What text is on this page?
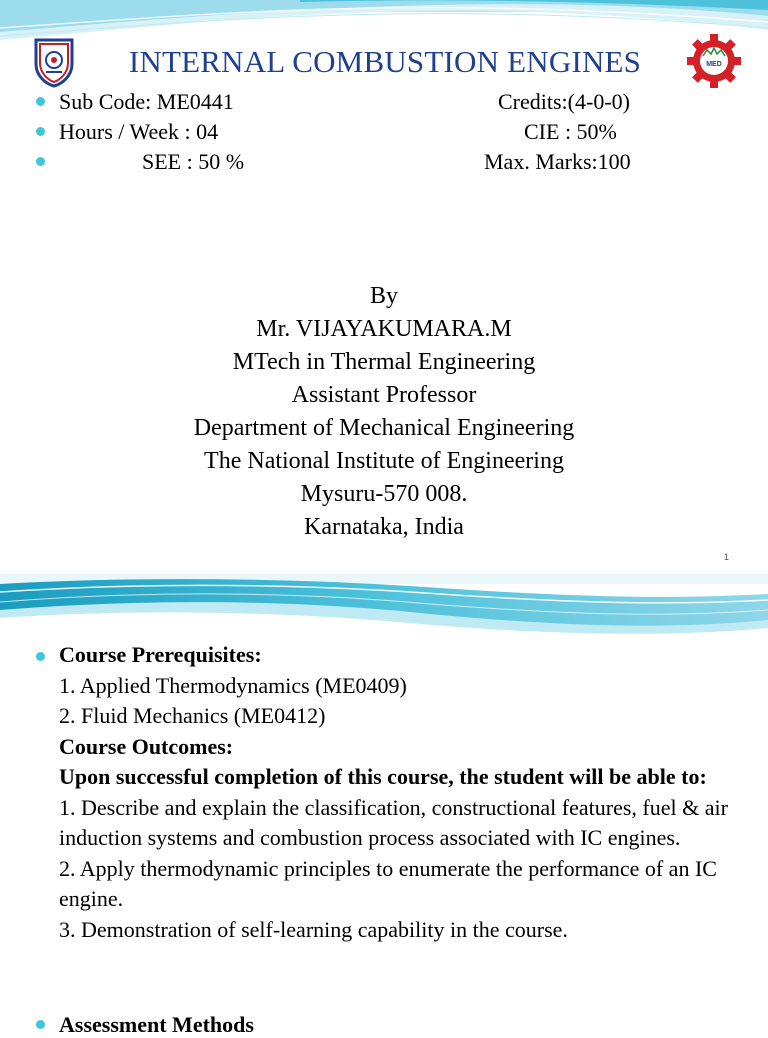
MED
INTERNAL COMBUSTION ENGINES
Sub Code: ME0441	Credits:(4-0-0)
Hours / Week : 04	CIE : 50%
SEE : 50 %	Max. Marks:100
By
Mr. VIJAYAKUMARA.M
MTech in Thermal Engineering
Assistant Professor
Department of Mechanical Engineering
The National Institute of Engineering
Mysuru-570 008.
Karnataka, India
1
Course Prerequisites:
1. Applied Thermodynamics (ME0409)
2. Fluid Mechanics (ME0412)
Course Outcomes:
Upon successful completion of this course, the student will be able to:
1. Describe and explain the classification, constructional features, fuel & air induction systems and combustion process associated with IC engines.
2. Apply thermodynamic principles to enumerate the performance of an IC engine.
3. Demonstration of self-learning capability in the course.
Assessment Methods
